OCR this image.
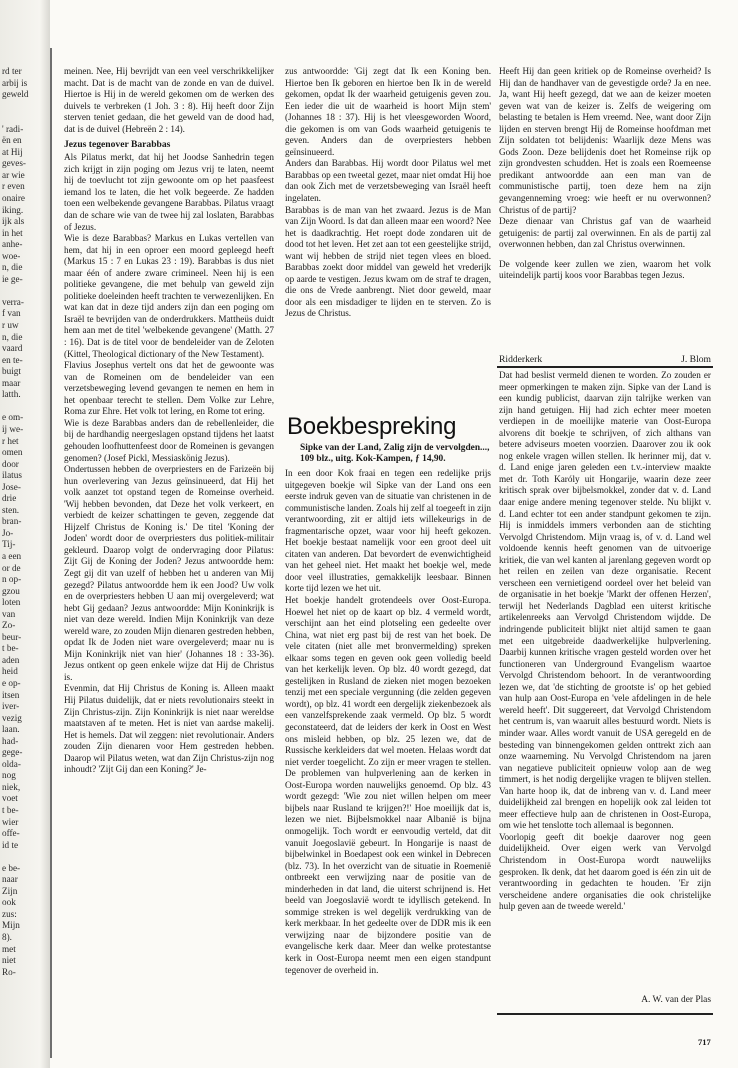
rd ter
arbij is
geweld
' radi-
ën en
at Hij
geves-
ar wie
r even
onaire
iking.
ijk als
in het
anhe-
woe-
n, die
ie ge-
verra-
f van
r uw
n, die
vaard
en te-
buigt
maar
latth.
e om-
ij we-
r het
omen
door
ilatus
Jose-
drie
sten.
bran-
Jo-
Tij-
a een
or de
n op-
gzou
loten
van
Zo-
beur-
t be-
aden
heid
e op-
itsen
iver-
vezig
laan.
had-
gege-
olda-
nog
niek,
voet
t be-
wier
offe-
id te
e be-
naar
Zijn
ook
zus:
Mijn
8).
met
niet
Ro-

meinen. Nee, Hij bevrijdt van een veel verschrikkelijker macht. Dat is de macht van de zonde en van de duivel. Hiertoe is Hij in de wereld gekomen om de werken des duivels te verbreken (1 Joh. 3 : 8). Hij heeft door Zijn sterven teniet gedaan, die het geweld van de dood had, dat is de duivel (Hebreën 2 : 14).

Jezus tegenover Barabbas

Als Pilatus merkt, dat hij het Joodse Sanhedrin tegen zich krijgt in zijn poging om Jezus vrij te laten, neemt hij de toevlucht tot zijn gewoonte om op het paasfeest iemand los te laten, die het volk begeerde. Ze hadden toen een welbekende gevangene Barabbas. Pilatus vraagt dan de schare wie van de twee hij zal loslaten, Barabbas of Jezus.

Wie is deze Barabbas? Markus en Lukas vertellen van hem, dat hij in een oproer een moord gepleegd heeft (Markus 15 : 7 en Lukas 23 : 19). Barabbas is dus niet maar één of andere zware crimineel. Neen hij is een politieke gevangene, die met behulp van geweld zijn politieke doeleinden heeft trachten te verwezenlijken. En wat kan dat in deze tijd anders zijn dan een poging om Israël te bevrijden van de onderdrukkers. Mattheüs duidt hem aan met de titel 'welbekende gevangene' (Matth. 27 : 16). Dat is de titel voor de bendeleider van de Zeloten (Kittel, Theological dictionary of the New Testament).

Flavius Josephus vertelt ons dat het de gewoonte was van de Romeinen om de bendeleider van een verzetsbeweging levend gevangen te nemen en hem in het openbaar terecht te stellen. Dem Volke zur Lehre, Roma zur Ehre. Het volk tot lering, en Rome tot ering.

Wie is deze Barabbas anders dan de rebellenleider, die bij de hardhandig neergeslagen opstand tijdens het laatst gehouden loofhuttenfeest door de Romeinen is gevangen genomen? (Josef Pickl, Messiaskönig Jezus).

Ondertussen hebben de overpriesters en de Farizeën bij hun overlevering van Jezus geïnsinueerd, dat Hij het volk aanzet tot opstand tegen de Romeinse overheid. 'Wij hebben bevonden, dat Deze het volk verkeert, en verbiedt de keizer schattingen te geven, zeggende dat Hijzelf Christus de Koning is.' De titel 'Koning der Joden' wordt door de overpriesters dus politiek-militair gekleurd. Daarop volgt de ondervraging door Pilatus: Zijt Gij de Koning der Joden? Jezus antwoordde hem: Zegt gij dit van uzelf of hebben het u anderen van Mij gezegd? Pilatus antwoordde hem ik een Jood? Uw volk en de overpriesters hebben U aan mij overgeleverd; wat hebt Gij gedaan? Jezus antwoordde: Mijn Koninkrijk is niet van deze wereld. Indien Mijn Koninkrijk van deze wereld ware, zo zouden Mijn dienaren gestreden hebben, opdat Ik de Joden niet ware overgeleverd; maar nu is Mijn Koninkrijk niet van hier' (Johannes 18 : 33-36). Jezus ontkent op geen enkele wijze dat Hij de Christus is.

Evenmin, dat Hij Christus de Koning is. Alleen maakt Hij Pilatus duidelijk, dat er niets revolutionairs steekt in Zijn Christus-zijn. Zijn Koninkrijk is niet naar wereldse maatstaven af te meten. Het is niet van aardse makelij. Het is hemels. Dat wil zeggen: niet revolutionair. Anders zouden Zijn dienaren voor Hem gestreden hebben. Daarop wil Pilatus weten, wat dan Zijn Christus-zijn nog inhoudt? 'Zijt Gij dan een Koning?' Je-

zus antwoordde: 'Gij zegt dat Ik een Koning ben. Hiertoe ben Ik geboren en hiertoe ben Ik in de wereld gekomen, opdat Ik der waarheid getuigenis geven zou. Een ieder die uit de waarheid is hoort Mijn stem' (Johannes 18 : 37). Hij is het vleesgeworden Woord, die gekomen is om van Gods waarheid getuigenis te geven. Anders dan de overpriesters hebben geïnsinueerd.

Anders dan Barabbas. Hij wordt door Pilatus wel met Barabbas op een tweetal gezet, maar niet omdat Hij hoe dan ook Zich met de verzetsbeweging van Israël heeft ingelaten.

Barabbas is de man van het zwaard. Jezus is de Man van Zijn Woord. Is dat dan alleen maar een woord? Nee het is daadkrachtig. Het roept dode zondaren uit de dood tot het leven. Het zet aan tot een geestelijke strijd, want wij hebben de strijd niet tegen vlees en bloed. Barabbas zoekt door middel van geweld het vrederijk op aarde te vestigen. Jezus kwam om de straf te dragen, die ons de Vrede aanbrengt. Niet door geweld, maar door als een misdadiger te lijden en te sterven. Zo is Jezus de Christus.

Heeft Hij dan geen kritiek op de Romeinse overheid? Is Hij dan de handhaver van de gevestigde orde? Ja en nee. Ja, want Hij heeft gezegd, dat we aan de keizer moeten geven wat van de keizer is. Zelfs de weigering om belasting te betalen is Hem vreemd. Nee, want door Zijn lijden en sterven brengt Hij de Romeinse hoofdman met Zijn soldaten tot belijdenis: Waarlijk deze Mens was Gods Zoon. Deze belijdenis doet het Romeinse rijk op zijn grondvesten schudden. Het is zoals een Roemeense predikant antwoordde aan een man van de communistische partij, toen deze hem na zijn gevangenneming vroeg: wie heeft er nu overwonnen? Christus of de partij?

Deze dienaar van Christus gaf van de waarheid getuigenis: de partij zal overwinnen. En als de partij zal overwonnen hebben, dan zal Christus overwinnen.

De volgende keer zullen we zien, waarom het volk uiteindelijk partij koos voor Barabbas tegen Jezus.

Ridderkerk	J. Blom
Boekbespreking
Sipke van der Land, Zalig zijn de vervolgden..., 109 blz., uitg. Kok-Kampen, ƒ 14,90.

In een door Kok fraai en tegen een redelijke prijs uitgegeven boekje wil Sipke van der Land ons een eerste indruk geven van de situatie van christenen in de communistische landen. Zoals hij zelf al toegeeft in zijn verantwoording, zit er altijd iets willekeurigs in de fragmentarische opzet, waar voor hij heeft gekozen. Het boekje bestaat namelijk voor een groot deel uit citaten van anderen. Dat bevordert de evenwichtigheid van het geheel niet. Het maakt het boekje wel, mede door veel illustraties, gemakkelijk leesbaar. Binnen korte tijd lezen we het uit.

Het boekje handelt grotendeels over Oost-Europa. Hoewel het niet op de kaart op blz. 4 vermeld wordt, verschijnt aan het eind plotseling een gedeelte over China, wat niet erg past bij de rest van het boek. De vele citaten (niet alle met bronvermelding) spreken elkaar soms tegen en geven ook geen volledig beeld van het kerkelijk leven. Op blz. 40 wordt gezegd, dat gestelijken in Rusland de zieken niet mogen bezoeken tenzij met een speciale vergunning (die zelden gegeven wordt), op blz. 41 wordt een dergelijk ziekenbezoek als een vanzelfsprekende zaak vermeld. Op blz. 5 wordt geconstateerd, dat de leiders der kerk in Oost en West ons misleid hebben, op blz. 25 lezen we, dat de Russische kerkleiders dat wel moeten. Helaas wordt dat niet verder toegelicht. Zo zijn er meer vragen te stellen. De problemen van hulpverlening aan de kerken in Oost-Europa worden nauwelijks genoemd. Op blz. 43 wordt gezegd: 'Wie zou niet willen helpen om meer bijbels naar Rusland te krijgen?!' Hoe moeilijk dat is, lezen we niet. Bijbelsmokkel naar Albanië is bijna onmogelijk. Toch wordt er eenvoudig verteld, dat dit vanuit Joegoslavië gebeurt. In Hongarije is naast de bijbelwinkel in Boedapest ook een winkel in Debrecen (blz. 73). In het overzicht van de situatie in Roemenië ontbreekt een verwijzing naar de positie van de minderheden in dat land, die uiterst schrijnend is. Het beeld van Joegoslavië wordt te idyllisch getekend. In sommige streken is wel degelijk verdrukking van de kerk merkbaar. In het gedeelte over de DDR mis ik een verwijzing naar de bijzondere positie van de evangelische kerk daar. Meer dan welke protestantse kerk in Oost-Europa neemt men een eigen standpunt tegenover de overheid in.

Dat had beslist vermeld dienen te worden. Zo zouden er meer opmerkingen te maken zijn. Sipke van der Land is een kundig publicist, daarvan zijn talrijke werken van zijn hand getuigen. Hij had zich echter meer moeten verdiepen in de moeilijke materie van Oost-Europa alvorens dit boekje te schrijven, of zich althans van betere adviseurs moeten voorzien. Daarover zou ik ook nog enkele vragen willen stellen. Ik herinner mij, dat v. d. Land enige jaren geleden een t.v.-interview maakte met dr. Toth Karóly uit Hongarije, waarin deze zeer kritisch sprak over bijbelsmokkel, zonder dat v. d. Land daar enige andere mening tegenover stelde. Nu blijkt v. d. Land echter tot een ander standpunt gekomen te zijn. Hij is inmiddels immers verbonden aan de stichting Vervolgd Christendom. Mijn vraag is, of v. d. Land wel voldoende kennis heeft genomen van de uitvoerige kritiek, die van wel kanten al jarenlang gegeven wordt op het reilen en zeilen van deze organisatie. Recent verscheen een vernietigend oordeel over het beleid van de organisatie in het boekje 'Markt der offenen Herzen', terwijl het Nederlands Dagblad een uiterst kritische artikelenreeks aan Vervolgd Christendom wijdde. De indringende publiciteit blijkt niet altijd samen te gaan met een uitgebreide daadwerkelijke hulpverlening. Daarbij kunnen kritische vragen gesteld worden over het functioneren van Underground Evangelism waartoe Vervolgd Christendom behoort. In de verantwoording lezen we, dat 'de stichting de grootste is' op het gebied van hulp aan Oost-Europa en 'vele afdelingen in de hele wereld heeft'. Dit suggereert, dat Vervolgd Christendom het centrum is, van waaruit alles bestuurd wordt. Niets is minder waar. Alles wordt vanuit de USA geregeld en de besteding van binnengekomen gelden onttrekt zich aan onze waarneming. Nu Vervolgd Christendom na jaren van negatieve publiciteit opnieuw volop aan de weg timmert, is het nodig dergelijke vragen te blijven stellen. Van harte hoop ik, dat de inbreng van v. d. Land meer duidelijkheid zal brengen en hopelijk ook zal leiden tot meer effectieve hulp aan de christenen in Oost-Europa, om wie het tenslotte toch allemaal is begonnen.

Voorlopig geeft dit boekje daarover nog geen duidelijkheid. Over eigen werk van Vervolgd Christendom in Oost-Europa wordt nauwelijks gesproken. Ik denk, dat het daarom goed is één zin uit de verantwoording in gedachten te houden. 'Er zijn verscheidene andere organisaties die ook christelijke hulp geven aan de tweede wereld.'

A. W. van der Plas
717
